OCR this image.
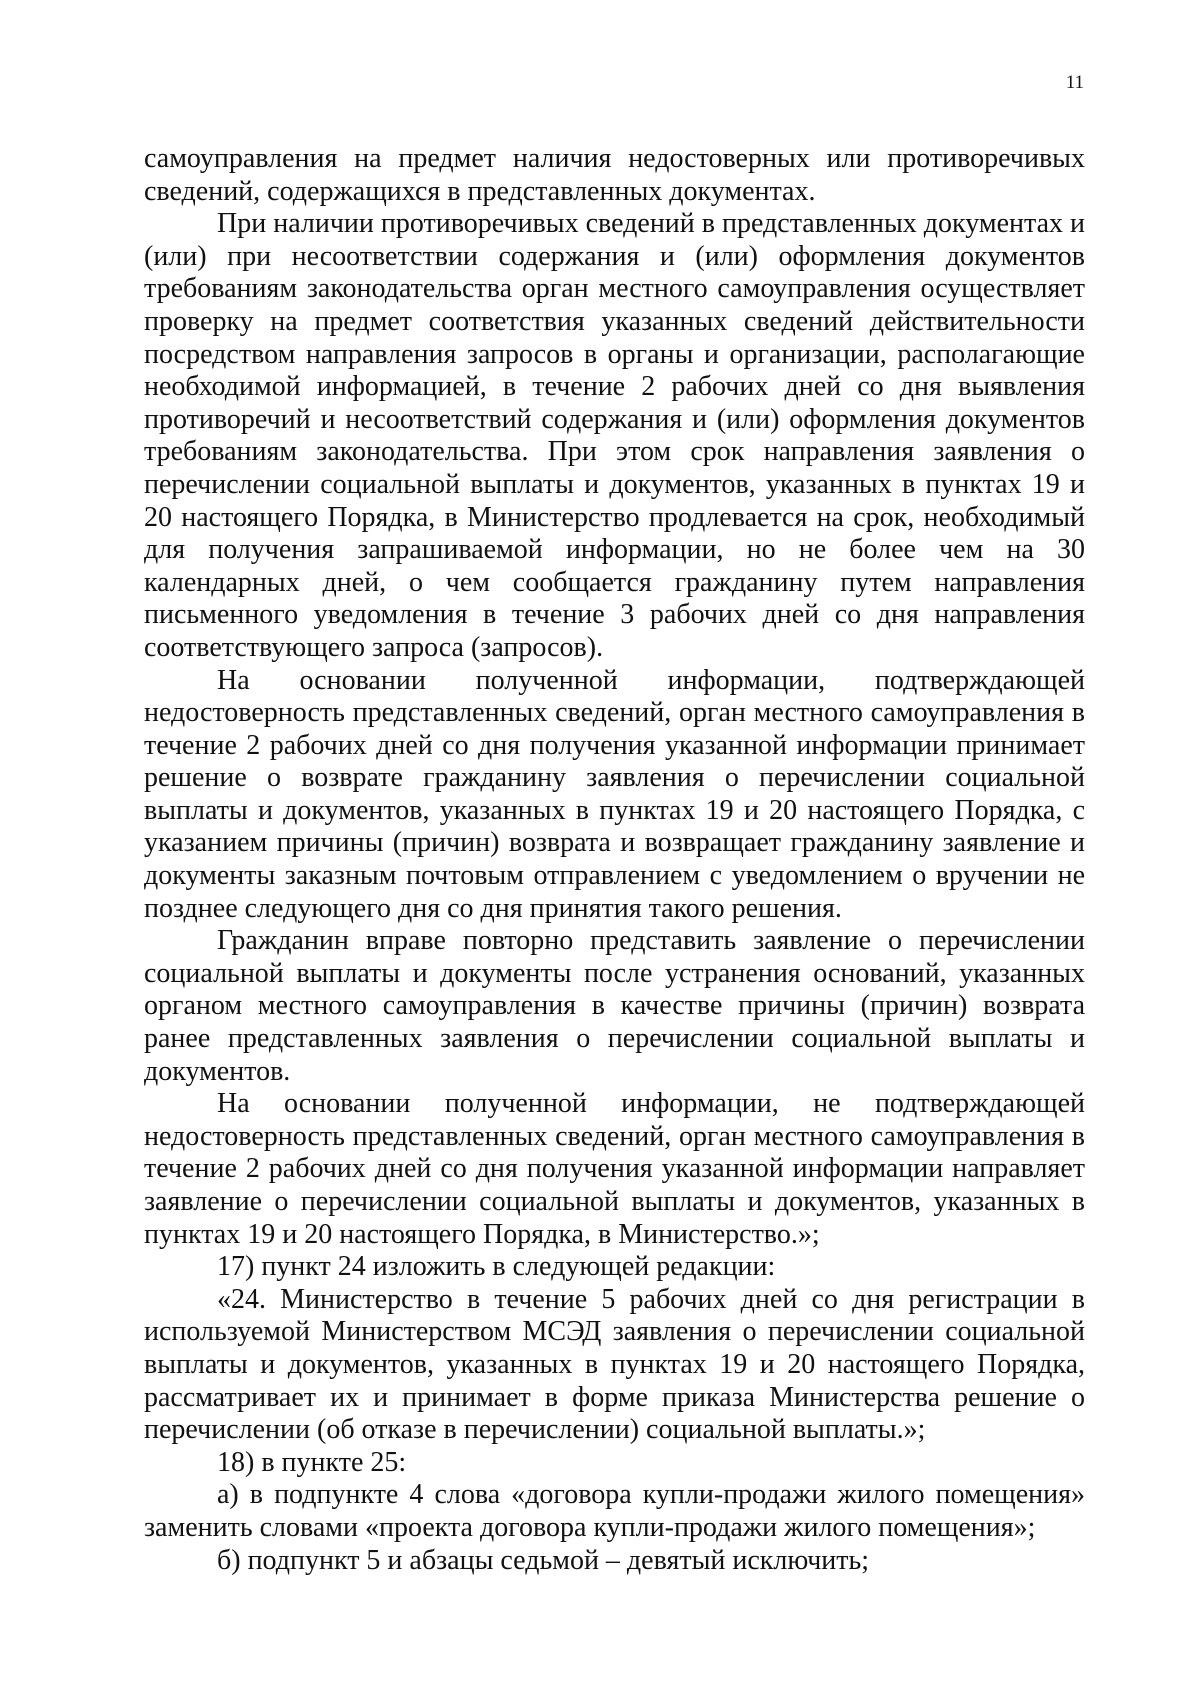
11

самоуправления на предмет наличия недостоверных или противоречивых сведений, содержащихся в представленных документах.

При наличии противоречивых сведений в представленных документах и (или) при несоответствии содержания и (или) оформления документов требованиям законодательства орган местного самоуправления осуществляет проверку на предмет соответствия указанных сведений действительности посредством направления запросов в органы и организации, располагающие необходимой информацией, в течение 2 рабочих дней со дня выявления противоречий и несоответствий содержания и (или) оформления документов требованиям законодательства. При этом срок направления заявления о перечислении социальной выплаты и документов, указанных в пунктах 19 и 20 настоящего Порядка, в Министерство продлевается на срок, необходимый для получения запрашиваемой информации, но не более чем на 30 календарных дней, о чем сообщается гражданину путем направления письменного уведомления в течение 3 рабочих дней со дня направления соответствующего запроса (запросов).

На основании полученной информации, подтверждающей недостоверность представленных сведений, орган местного самоуправления в течение 2 рабочих дней со дня получения указанной информации принимает решение о возврате гражданину заявления о перечислении социальной выплаты и документов, указанных в пунктах 19 и 20 настоящего Порядка, с указанием причины (причин) возврата и возвращает гражданину заявление и документы заказным почтовым отправлением с уведомлением о вручении не позднее следующего дня со дня принятия такого решения.

Гражданин вправе повторно представить заявление о перечислении социальной выплаты и документы после устранения оснований, указанных органом местного самоуправления в качестве причины (причин) возврата ранее представленных заявления о перечислении социальной выплаты и документов.

На основании полученной информации, не подтверждающей недостоверность представленных сведений, орган местного самоуправления в течение 2 рабочих дней со дня получения указанной информации направляет заявление о перечислении социальной выплаты и документов, указанных в пунктах 19 и 20 настоящего Порядка, в Министерство.»;

17) пункт 24 изложить в следующей редакции:

«24. Министерство в течение 5 рабочих дней со дня регистрации в используемой Министерством МСЭД заявления о перечислении социальной выплаты и документов, указанных в пунктах 19 и 20 настоящего Порядка, рассматривает их и принимает в форме приказа Министерства решение о перечислении (об отказе в перечислении) социальной выплаты.»;

18) в пункте 25:

а) в подпункте 4 слова «договора купли-продажи жилого помещения» заменить словами «проекта договора купли-продажи жилого помещения»;

б) подпункт 5 и абзацы седьмой – девятый исключить;
